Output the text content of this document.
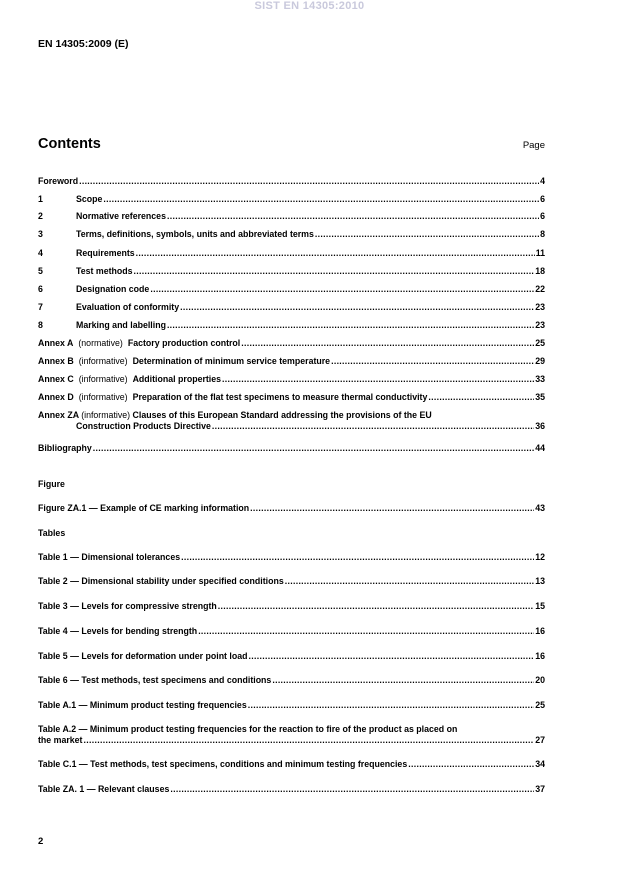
SIST EN 14305:2010
EN 14305:2009 (E)
Contents	Page
Foreword .....	4
1	Scope .....	6
2	Normative references .....	6
3	Terms, definitions, symbols, units and abbreviated terms .....	8
4	Requirements .....	11
5	Test methods .....	18
6	Designation code .....	22
7	Evaluation of conformity .....	23
8	Marking and labelling .....	23
Annex A (normative) Factory production control .....	25
Annex B (informative) Determination of minimum service temperature .....	29
Annex C (informative) Additional properties .....	33
Annex D (informative) Preparation of the flat test specimens to measure thermal conductivity .....	35
Annex ZA (informative) Clauses of this European Standard addressing the provisions of the EU
Construction Products Directive .....	36
Bibliography .....	44
Figure
Figure ZA.1 — Example of CE marking information .....	43
Tables
Table 1 — Dimensional tolerances .....	12
Table 2 — Dimensional stability under specified conditions .....	13
Table 3 — Levels for compressive strength .....	15
Table 4 — Levels for bending strength .....	16
Table 5 — Levels for deformation under point load .....	16
Table 6 — Test methods, test specimens and conditions .....	20
Table A.1 — Minimum product testing frequencies .....	25
Table A.2 — Minimum product testing frequencies for the reaction to fire of the product as placed on
the market .....	27
Table C.1 — Test methods, test specimens, conditions and minimum testing frequencies .....	34
Table ZA. 1 — Relevant clauses .....	37
2
